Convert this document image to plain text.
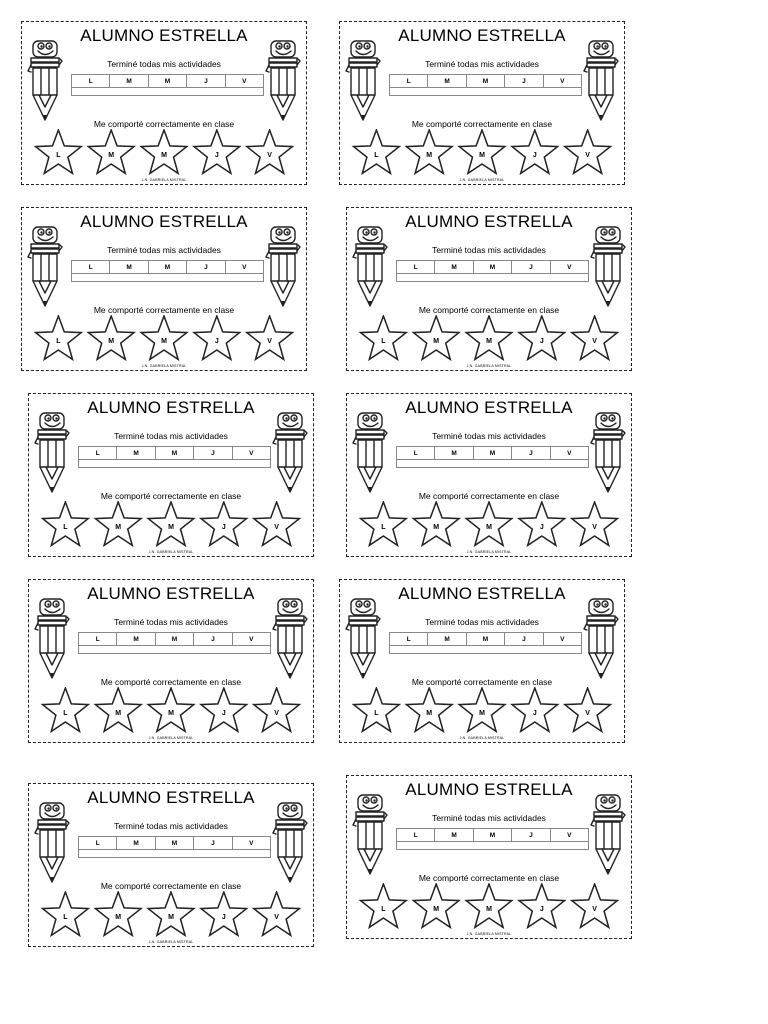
ALUMNO ESTRELLA
Terminé todas mis actividades
L	M	M	J	V
Me comporté correctamente en clase
L	M	M	J	V
J.N. GABRIELA MISTRAL
ALUMNO ESTRELLA
Terminé todas mis actividades
L	M	M	J	V
Me comporté correctamente en clase
L	M	M	J	V
J.N. GABRIELA MISTRAL
ALUMNO ESTRELLA
Terminé todas mis actividades
L	M	M	J	V
Me comporté correctamente en clase
L	M	M	J	V
J.N. GABRIELA MISTRAL
ALUMNO ESTRELLA
Terminé todas mis actividades
L	M	M	J	V
Me comporté correctamente en clase
L	M	M	J	V
J.N. GABRIELA MISTRAL
ALUMNO ESTRELLA
Terminé todas mis actividades
L	M	M	J	V
Me comporté correctamente en clase
L	M	M	J	V
J.N. GABRIELA MISTRAL
ALUMNO ESTRELLA
Terminé todas mis actividades
L	M	M	J	V
Me comporté correctamente en clase
L	M	M	J	V
J.N. GABRIELA MISTRAL
ALUMNO ESTRELLA
Terminé todas mis actividades
L	M	M	J	V
Me comporté correctamente en clase
L	M	M	J	V
J.N. GABRIELA MISTRAL
ALUMNO ESTRELLA
Terminé todas mis actividades
L	M	M	J	V
Me comporté correctamente en clase
L	M	M	J	V
J.N. GABRIELA MISTRAL
ALUMNO ESTRELLA
Terminé todas mis actividades
L	M	M	J	V
Me comporté correctamente en clase
L	M	M	J	V
J.N. GABRIELA MISTRAL
ALUMNO ESTRELLA
Terminé todas mis actividades
L	M	M	J	V
Me comporté correctamente en clase
L	M	M	J	V
J.N. GABRIELA MISTRAL
